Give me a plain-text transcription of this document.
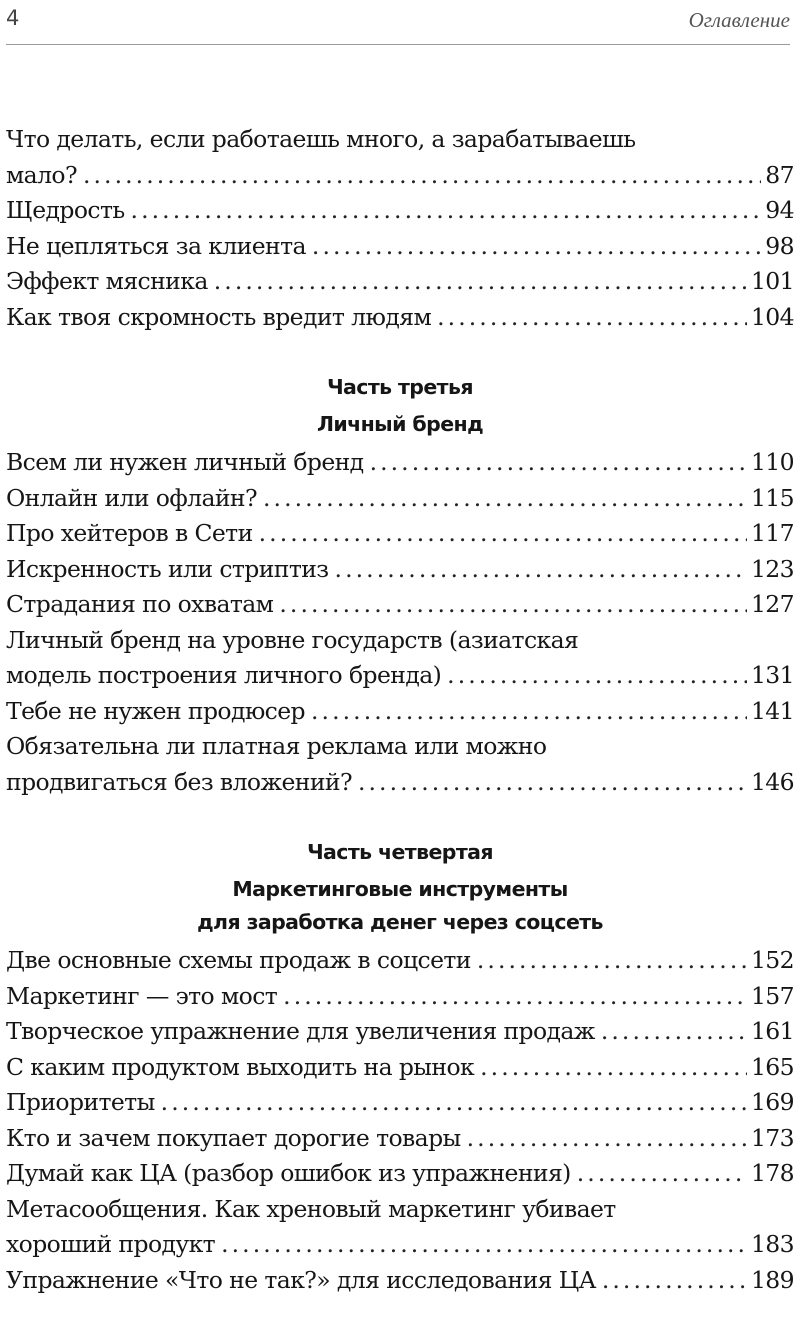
4	Оглавление
Что делать, если работаешь много, а зарабатываешь
мало? . . .	87
Щедрость . . .	94
Не цепляться за клиента . . .	98
Эффект мясника . . .	101
Как твоя скромность вредит людям . . .	104
Часть третья
Личный бренд
Всем ли нужен личный бренд . . .	110
Онлайн или офлайн? . . .	115
Про хейтеров в Сети . . .	117
Искренность или стриптиз . . .	123
Страдания по охватам . . .	127
Личный бренд на уровне государств (азиатская
модель построения личного бренда) . . .	131
Тебе не нужен продюсер . . .	141
Обязательна ли платная реклама или можно
продвигаться без вложений? . . .	146
Часть четвертая
Маркетинговые инструменты
для заработка денег через соцсеть
Две основные схемы продаж в соцсети . . .	152
Маркетинг — это мост . . .	157
Творческое упражнение для увеличения продаж . . .	161
С каким продуктом выходить на рынок . . .	165
Приоритеты . . .	169
Кто и зачем покупает дорогие товары . . .	173
Думай как ЦА (разбор ошибок из упражнения) . . .	178
Метасообщения. Как хреновый маркетинг убивает
хороший продукт . . .	183
Упражнение «Что не так?» для исследования ЦА . . .	189
